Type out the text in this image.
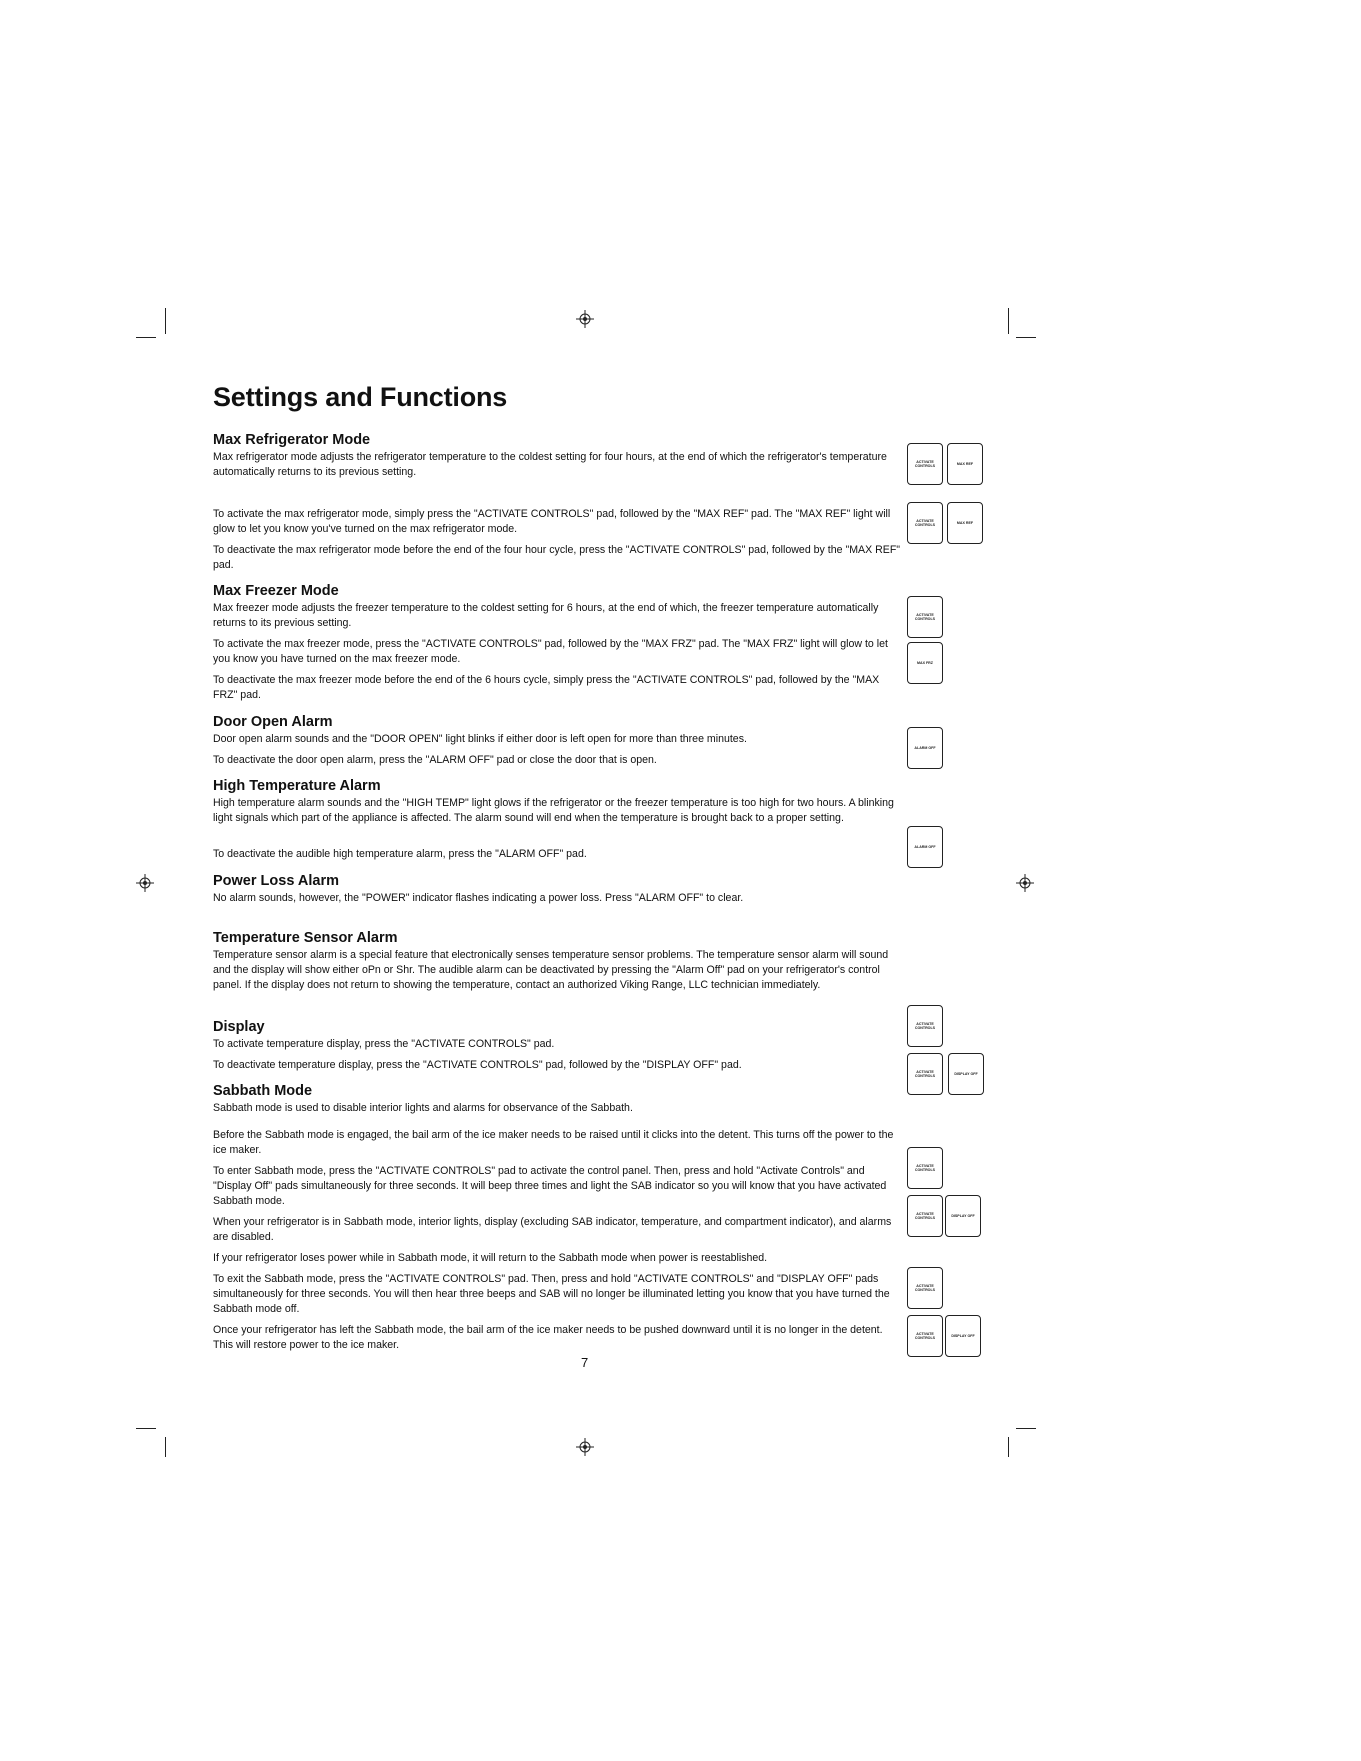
Settings and Functions
Max Refrigerator Mode

Max refrigerator mode adjusts the refrigerator temperature to the coldest setting for four hours, at the end of which the refrigerator's temperature automatically returns to its previous setting.

To activate the max refrigerator mode, simply press the "ACTIVATE CONTROLS" pad, followed by the "MAX REF" pad. The "MAX REF" light will glow to let you know you've turned on the max refrigerator mode.

To deactivate the max refrigerator mode before the end of the four hour cycle, press the "ACTIVATE CONTROLS" pad, followed by the "MAX REF" pad.

Max Freezer Mode

Max freezer mode adjusts the freezer temperature to the coldest setting for 6 hours, at the end of which, the freezer temperature automatically returns to its previous setting.

To activate the max freezer mode, press the "ACTIVATE CONTROLS" pad, followed by the "MAX FRZ" pad. The "MAX FRZ" light will glow to let you know you have turned on the max freezer mode.

To deactivate the max freezer mode before the end of the 6 hours cycle, simply press the "ACTIVATE CONTROLS" pad, followed by the "MAX FRZ" pad.

Door Open Alarm

Door open alarm sounds and the "DOOR OPEN" light blinks if either door is left open for more than three minutes.

To deactivate the door open alarm, press the "ALARM OFF" pad or close the door that is open.

High Temperature Alarm

High temperature alarm sounds and the "HIGH TEMP" light glows if the refrigerator or the freezer temperature is too high for two hours. A blinking light signals which part of the appliance is affected. The alarm sound will end when the temperature is brought back to a proper setting.

To deactivate the audible high temperature alarm, press the "ALARM OFF" pad.

Power Loss Alarm

No alarm sounds, however, the "POWER" indicator flashes indicating a power loss. Press "ALARM OFF" to clear.

Temperature Sensor Alarm

Temperature sensor alarm is a special feature that electronically senses temperature sensor problems. The temperature sensor alarm will sound and the display will show either oPn or Shr. The audible alarm can be deactivated by pressing the "Alarm Off" pad on your refrigerator's control panel. If the display does not return to showing the temperature, contact an authorized Viking Range, LLC technician immediately.

Display

To activate temperature display, press the "ACTIVATE CONTROLS" pad.

To deactivate temperature display, press the "ACTIVATE CONTROLS" pad, followed by the "DISPLAY OFF" pad.

Sabbath Mode

Sabbath mode is used to disable interior lights and alarms for observance of the Sabbath.

Before the Sabbath mode is engaged, the bail arm of the ice maker needs to be raised until it clicks into the detent. This turns off the power to the ice maker.

To enter Sabbath mode, press the "ACTIVATE CONTROLS" pad to activate the control panel. Then, press and hold "Activate Controls" and "Display Off" pads simultaneously for three seconds. It will beep three times and light the SAB indicator so you will know that you have activated Sabbath mode.

When your refrigerator is in Sabbath mode, interior lights, display (excluding SAB indicator, temperature, and compartment indicator), and alarms are disabled.

If your refrigerator loses power while in Sabbath mode, it will return to the Sabbath mode when power is reestablished.

To exit the Sabbath mode, press the "ACTIVATE CONTROLS" pad. Then, press and hold "ACTIVATE CONTROLS" and "DISPLAY OFF" pads simultaneously for three seconds. You will then hear three beeps and SAB will no longer be illuminated letting you know that you have turned the Sabbath mode off.

Once your refrigerator has left the Sabbath mode, the bail arm of the ice maker needs to be pushed downward until it is no longer in the detent. This will restore power to the ice maker.

ACTIVATE CONTROLS
MAX REF
ACTIVATE CONTROLS
MAX REF
ACTIVATE CONTROLS
MAX FRZ
ALARM OFF
ALARM OFF
ACTIVATE CONTROLS
ACTIVATE CONTROLS
DISPLAY OFF
ACTIVATE CONTROLS
ACTIVATE CONTROLS
DISPLAY OFF
ACTIVATE CONTROLS
ACTIVATE CONTROLS
DISPLAY OFF

7
